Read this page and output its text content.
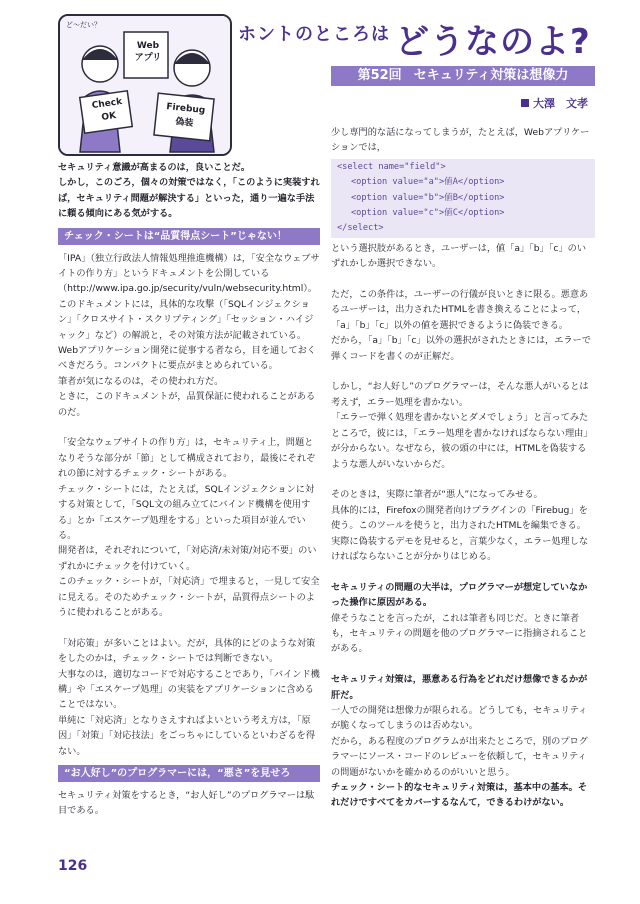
Web
アプリ
Check
OK
Firebug
偽装
ど～だい？	ホントのところは どうなのよ?
第52回 セキュリティ対策は想像力
大澤　文孝

セキュリティ意識が高まるのは，良いことだ。

しかし，このごろ，個々の対策ではなく，「このように実装すれば，セキュリティ問題が解決する」といった，通り一遍な手法に頼る傾向にある気がする。

チェック・シートは“品質得点シート”じゃない！

「IPA」（独立行政法人情報処理推進機構）は，「安全なウェブサイトの作り方」というドキュメントを公開している（http://www.ipa.go.jp/security/vuln/websecurity.html）。

このドキュメントには，具体的な攻撃（「SQLインジェクション」「クロスサイト・スクリプティング」「セッション・ハイジャック」など）の解説と，その対策方法が記載されている。

Webアプリケーション開発に従事する者なら，目を通しておくべきだろう。コンパクトに要点がまとめられている。

筆者が気になるのは，その使われ方だ。

ときに，このドキュメントが，品質保証に使われることがあるのだ。

「安全なウェブサイトの作り方」は，セキュリティ上，問題となりそうな部分が「節」として構成されており，最後にそれぞれの節に対するチェック・シートがある。

チェック・シートには，たとえば，SQLインジェクションに対する対策として，「SQL文の組み立てにバインド機構を使用する」とか「エスケープ処理をする」といった項目が並んでいる。

開発者は，それぞれについて，「対応済/未対策/対応不要」のいずれかにチェックを付けていく。

このチェック・シートが，「対応済」で埋まると，一見して安全に見える。そのためチェック・シートが，品質得点シートのように使われることがある。

「対応策」が多いことはよい。だが，具体的にどのような対策をしたのかは，チェック・シートでは判断できない。

大事なのは，適切なコードで対応することであり，「バインド機構」や「エスケープ処理」の実装をアプリケーションに含めることではない。

単純に「対応済」となりさえすればよいという考え方は，「原因」「対策」「対応技法」をごっちゃにしているといわざるを得ない。

“お人好し”のプログラマーには，“悪さ”を見せろ

セキュリティ対策をするとき，“お人好し”のプログラマーは駄目である。

少し専門的な話になってしまうが，たとえば，Webアプリケーションでは，

<select name="field">
<option value="a">値A</option>
<option value="b">値B</option>
<option value="c">値C</option>
</select>

という選択肢があるとき，ユーザーは，値「a」「b」「c」のいずれかしか選択できない。

ただ，この条件は，ユーザーの行儀が良いときに限る。悪意あるユーザーは，出力されたHTMLを書き換えることによって，「a」「b」「c」以外の値を選択できるように偽装できる。

だから，「a」「b」「c」以外の選択がされたときには，エラーで弾くコードを書くのが正解だ。

しかし，“お人好し”のプログラマーは，そんな悪人がいるとは考えず，エラー処理を書かない。

「エラーで弾く処理を書かないとダメでしょう」と言ってみたところで，彼には，「エラー処理を書かなければならない理由」が分からない。なぜなら，彼の頭の中には，HTMLを偽装するような悪人がいないからだ。

そのときは，実際に筆者が“悪人”になってみせる。

具体的には，Firefoxの開発者向けプラグインの「Firebug」を使う。このツールを使うと，出力されたHTMLを編集できる。

実際に偽装するデモを見せると，言葉少なく，エラー処理しなければならないことが分かりはじめる。

セキュリティの問題の大半は，プログラマーが想定していなかった操作に原因がある。

偉そうなことを言ったが，これは筆者も同じだ。ときに筆者も，セキュリティの問題を他のプログラマーに指摘されることがある。

セキュリティ対策は，悪意ある行為をどれだけ想像できるかが肝だ。

一人での開発は想像力が限られる。どうしても，セキュリティが脆くなってしまうのは否めない。

だから，ある程度のプログラムが出来たところで，別のプログラマーにソース・コードのレビューを依頼して，セキュリティの問題がないかを確かめるのがいいと思う。

チェック・シート的なセキュリティ対策は，基本中の基本。それだけですべてをカバーするなんて，できるわけがない。

126
